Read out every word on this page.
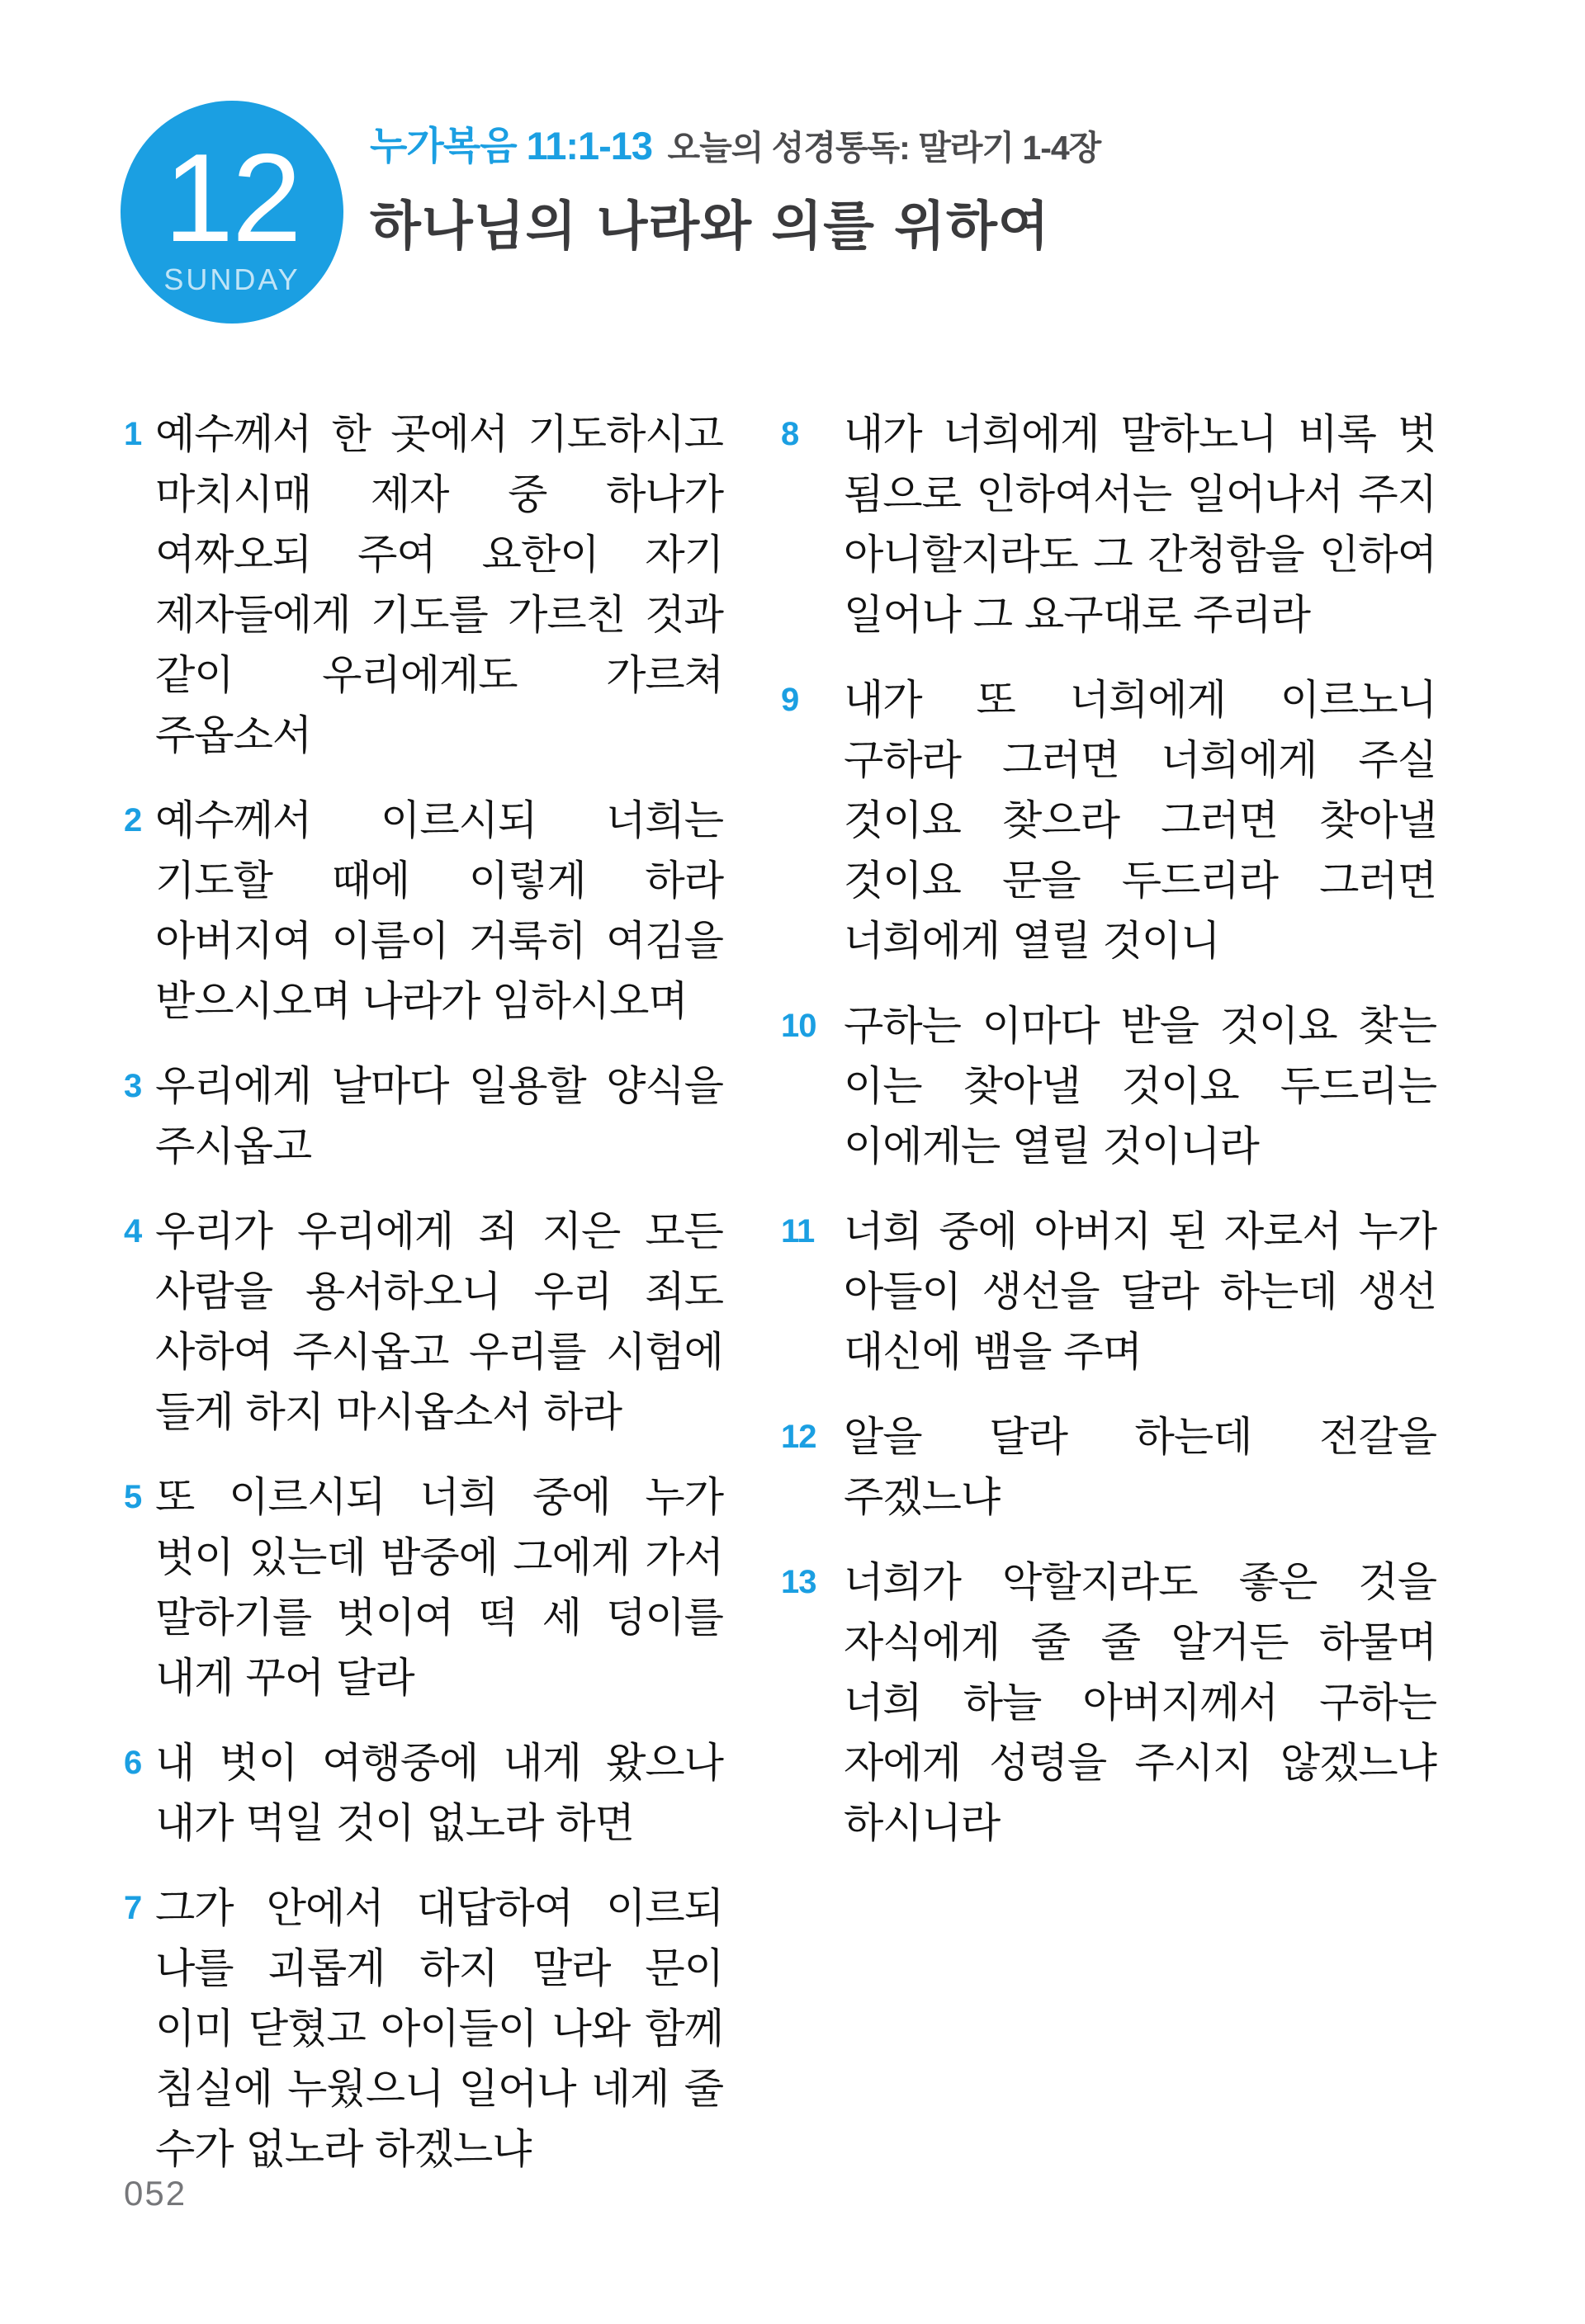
12
SUNDAY
누가복음 11:1-13 오늘의 성경통독: 말라기 1-4장
하나님의 나라와 의를 위하여
1 예수께서 한 곳에서 기도하시고 마치시매 제자 중 하나가 여짜오되 주여 요한이 자기 제자들에게 기도를 가르친 것과 같이 우리에게도 가르쳐 주옵소서
2 예수께서 이르시되 너희는 기도할 때에 이렇게 하라 아버지여 이름이 거룩히 여김을 받으시오며 나라가 임하시오며
3 우리에게 날마다 일용할 양식을 주시옵고
4 우리가 우리에게 죄 지은 모든 사람을 용서하오니 우리 죄도 사하여 주시옵고 우리를 시험에 들게 하지 마시옵소서 하라
5 또 이르시되 너희 중에 누가 벗이 있는데 밤중에 그에게 가서 말하기를 벗이여 떡 세 덩이를 내게 꾸어 달라
6 내 벗이 여행중에 내게 왔으나 내가 먹일 것이 없노라 하면
7 그가 안에서 대답하여 이르되 나를 괴롭게 하지 말라 문이 이미 닫혔고 아이들이 나와 함께 침실에 누웠으니 일어나 네게 줄 수가 없노라 하겠느냐
8	내가 너희에게 말하노니 비록 벗 됨으로 인하여서는 일어나서 주지 아니할지라도 그 간청함을 인하여 일어나 그 요구대로 주리라
9	내가 또 너희에게 이르노니 구하라 그러면 너희에게 주실 것이요 찾으라 그러면 찾아낼 것이요 문을 두드리라 그러면 너희에게 열릴 것이니
10 구하는 이마다 받을 것이요 찾는 이는 찾아낼 것이요 두드리는 이에게는 열릴 것이니라
11 너희 중에 아버지 된 자로서 누가 아들이 생선을 달라 하는데 생선 대신에 뱀을 주며
12 알을 달라 하는데 전갈을 주겠느냐
13 너희가 악할지라도 좋은 것을 자식에게 줄 줄 알거든 하물며 너희 하늘 아버지께서 구하는 자에게 성령을 주시지 않겠느냐 하시니라
052
